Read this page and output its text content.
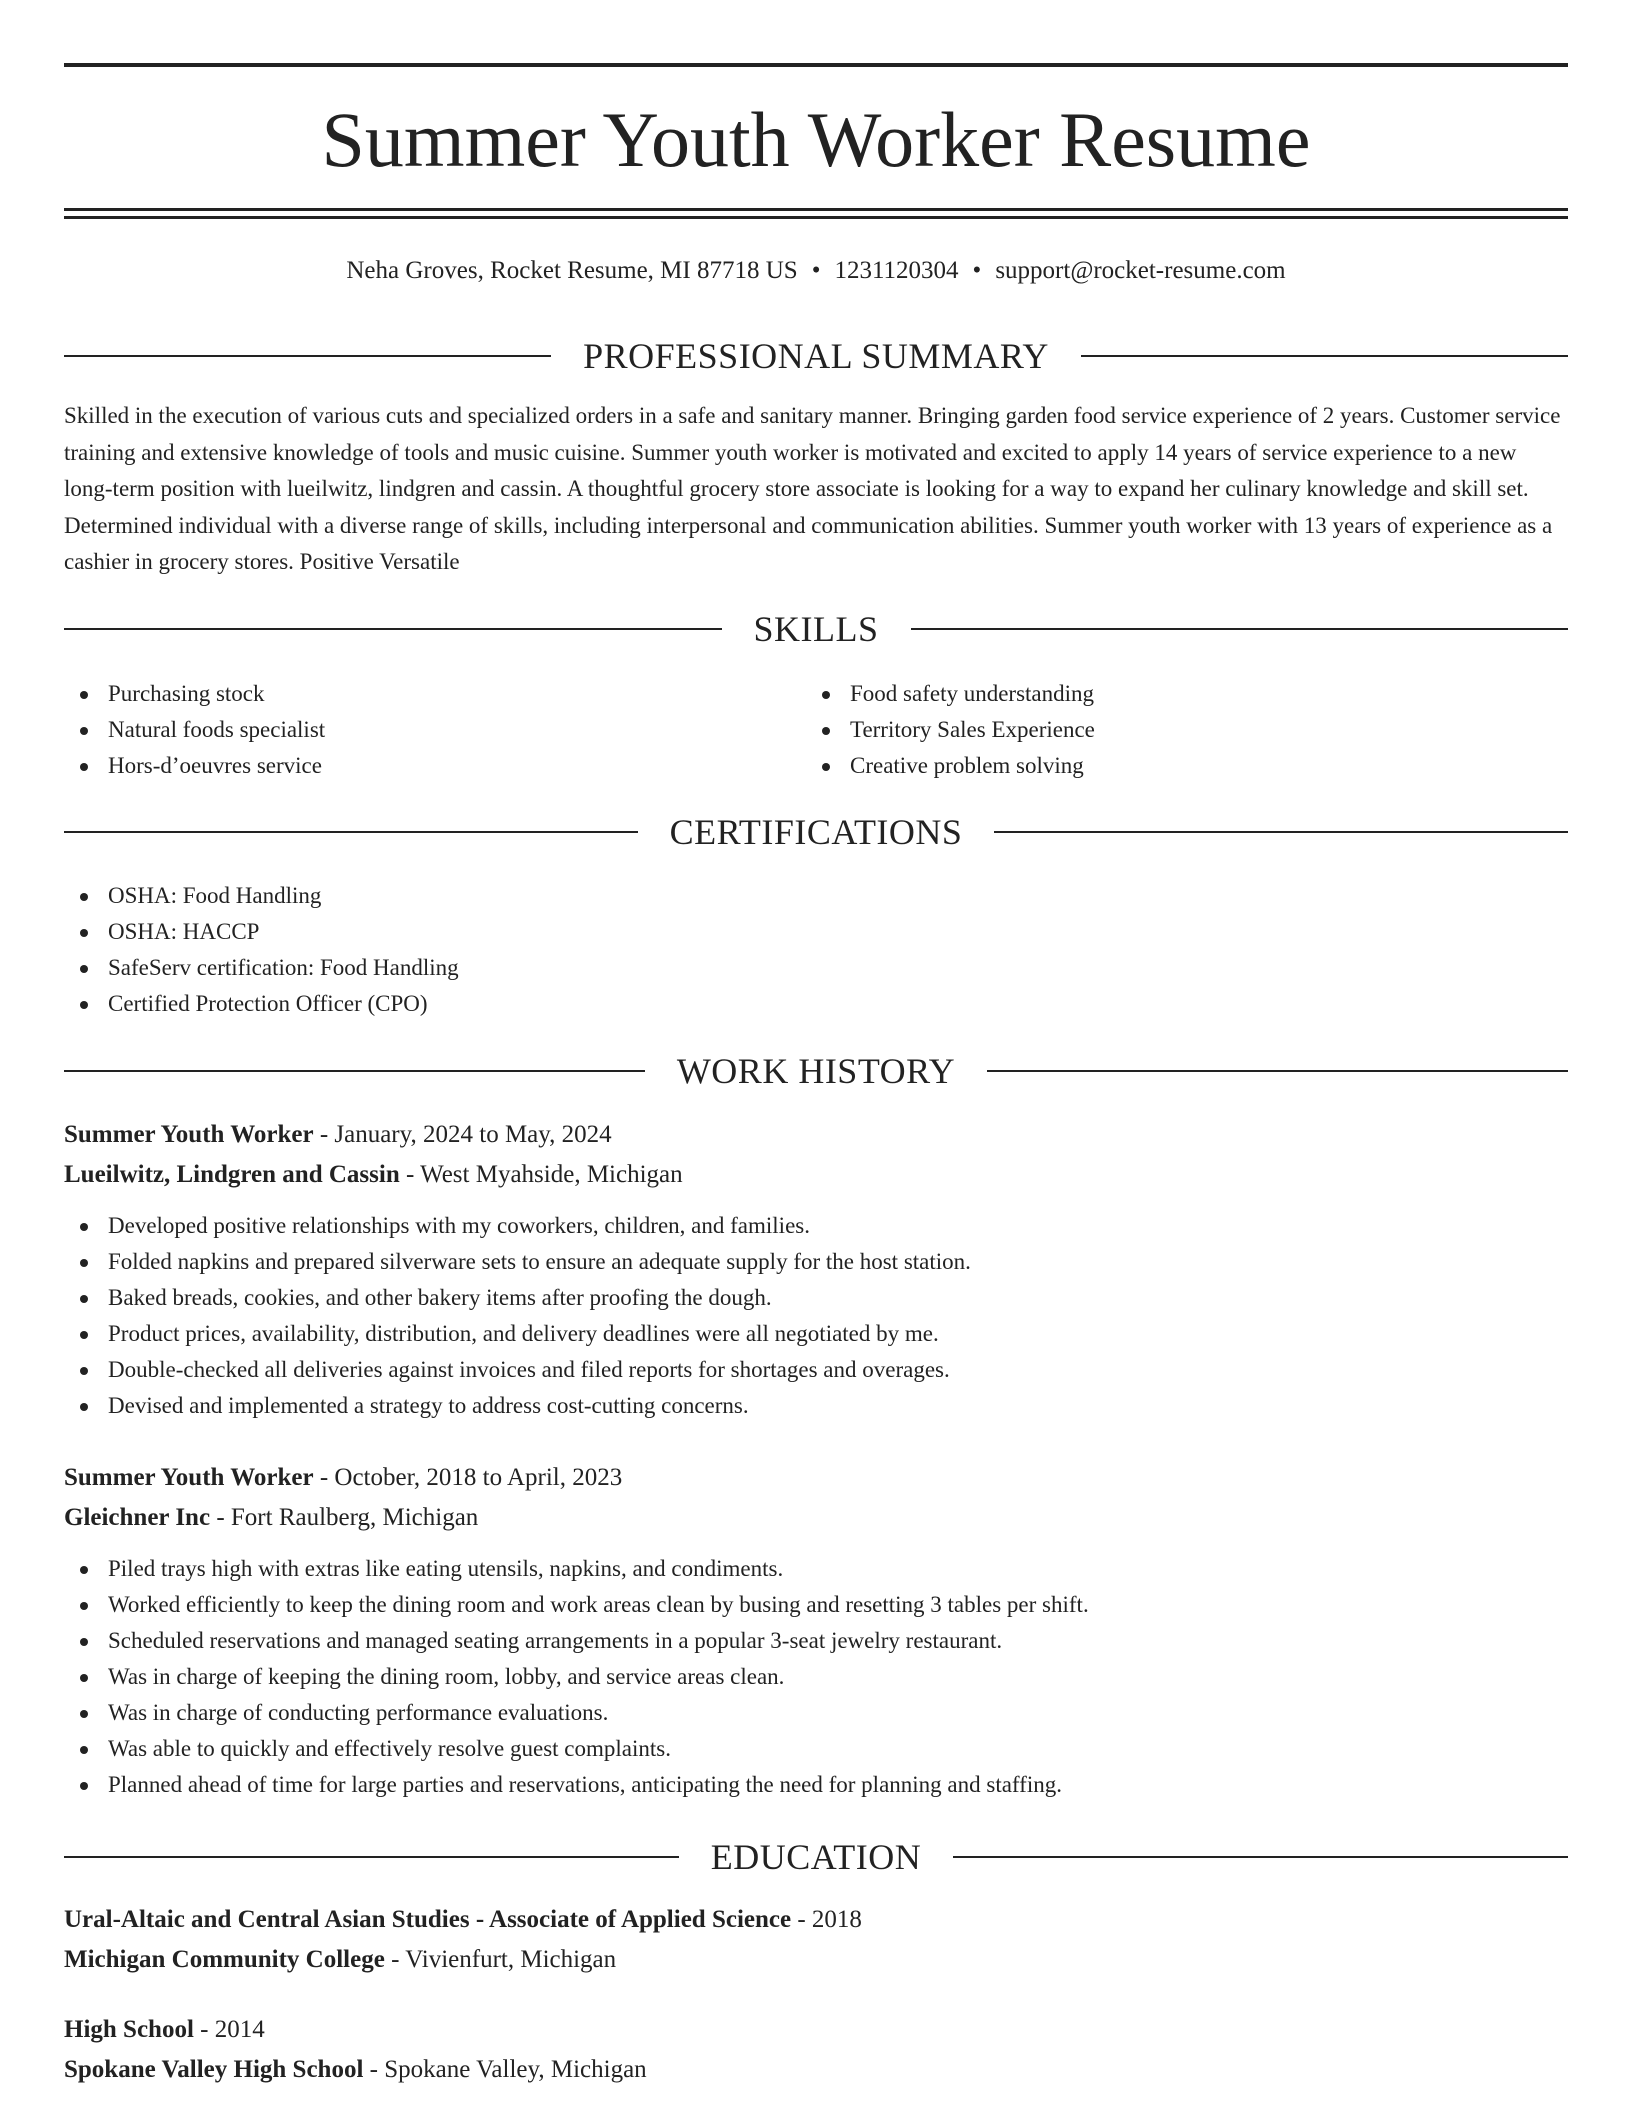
Summer Youth Worker Resume
Neha Groves, Rocket Resume, MI 87718 US • 1231120304 • support@rocket-resume.com
PROFESSIONAL SUMMARY

Skilled in the execution of various cuts and specialized orders in a safe and sanitary manner. Bringing garden food service experience of 2 years. Customer service training and extensive knowledge of tools and music cuisine. Summer youth worker is motivated and excited to apply 14 years of service experience to a new long-term position with lueilwitz, lindgren and cassin. A thoughtful grocery store associate is looking for a way to expand her culinary knowledge and skill set. Determined individual with a diverse range of skills, including interpersonal and communication abilities. Summer youth worker with 13 years of experience as a cashier in grocery stores. Positive Versatile

SKILLS
Purchasing stock
Natural foods specialist
Hors-d’oeuvres service
Food safety understanding
Territory Sales Experience
Creative problem solving
CERTIFICATIONS
OSHA: Food Handling
OSHA: HACCP
SafeServ certification: Food Handling
Certified Protection Officer (CPO)
WORK HISTORY
Summer Youth Worker - January, 2024 to May, 2024
Lueilwitz, Lindgren and Cassin - West Myahside, Michigan
Developed positive relationships with my coworkers, children, and families.
Folded napkins and prepared silverware sets to ensure an adequate supply for the host station.
Baked breads, cookies, and other bakery items after proofing the dough.
Product prices, availability, distribution, and delivery deadlines were all negotiated by me.
Double-checked all deliveries against invoices and filed reports for shortages and overages.
Devised and implemented a strategy to address cost-cutting concerns.
Summer Youth Worker - October, 2018 to April, 2023
Gleichner Inc - Fort Raulberg, Michigan
Piled trays high with extras like eating utensils, napkins, and condiments.
Worked efficiently to keep the dining room and work areas clean by busing and resetting 3 tables per shift.
Scheduled reservations and managed seating arrangements in a popular 3-seat jewelry restaurant.
Was in charge of keeping the dining room, lobby, and service areas clean.
Was in charge of conducting performance evaluations.
Was able to quickly and effectively resolve guest complaints.
Planned ahead of time for large parties and reservations, anticipating the need for planning and staffing.
EDUCATION
Ural-Altaic and Central Asian Studies - Associate of Applied Science - 2018
Michigan Community College - Vivienfurt, Michigan
High School - 2014
Spokane Valley High School - Spokane Valley, Michigan
